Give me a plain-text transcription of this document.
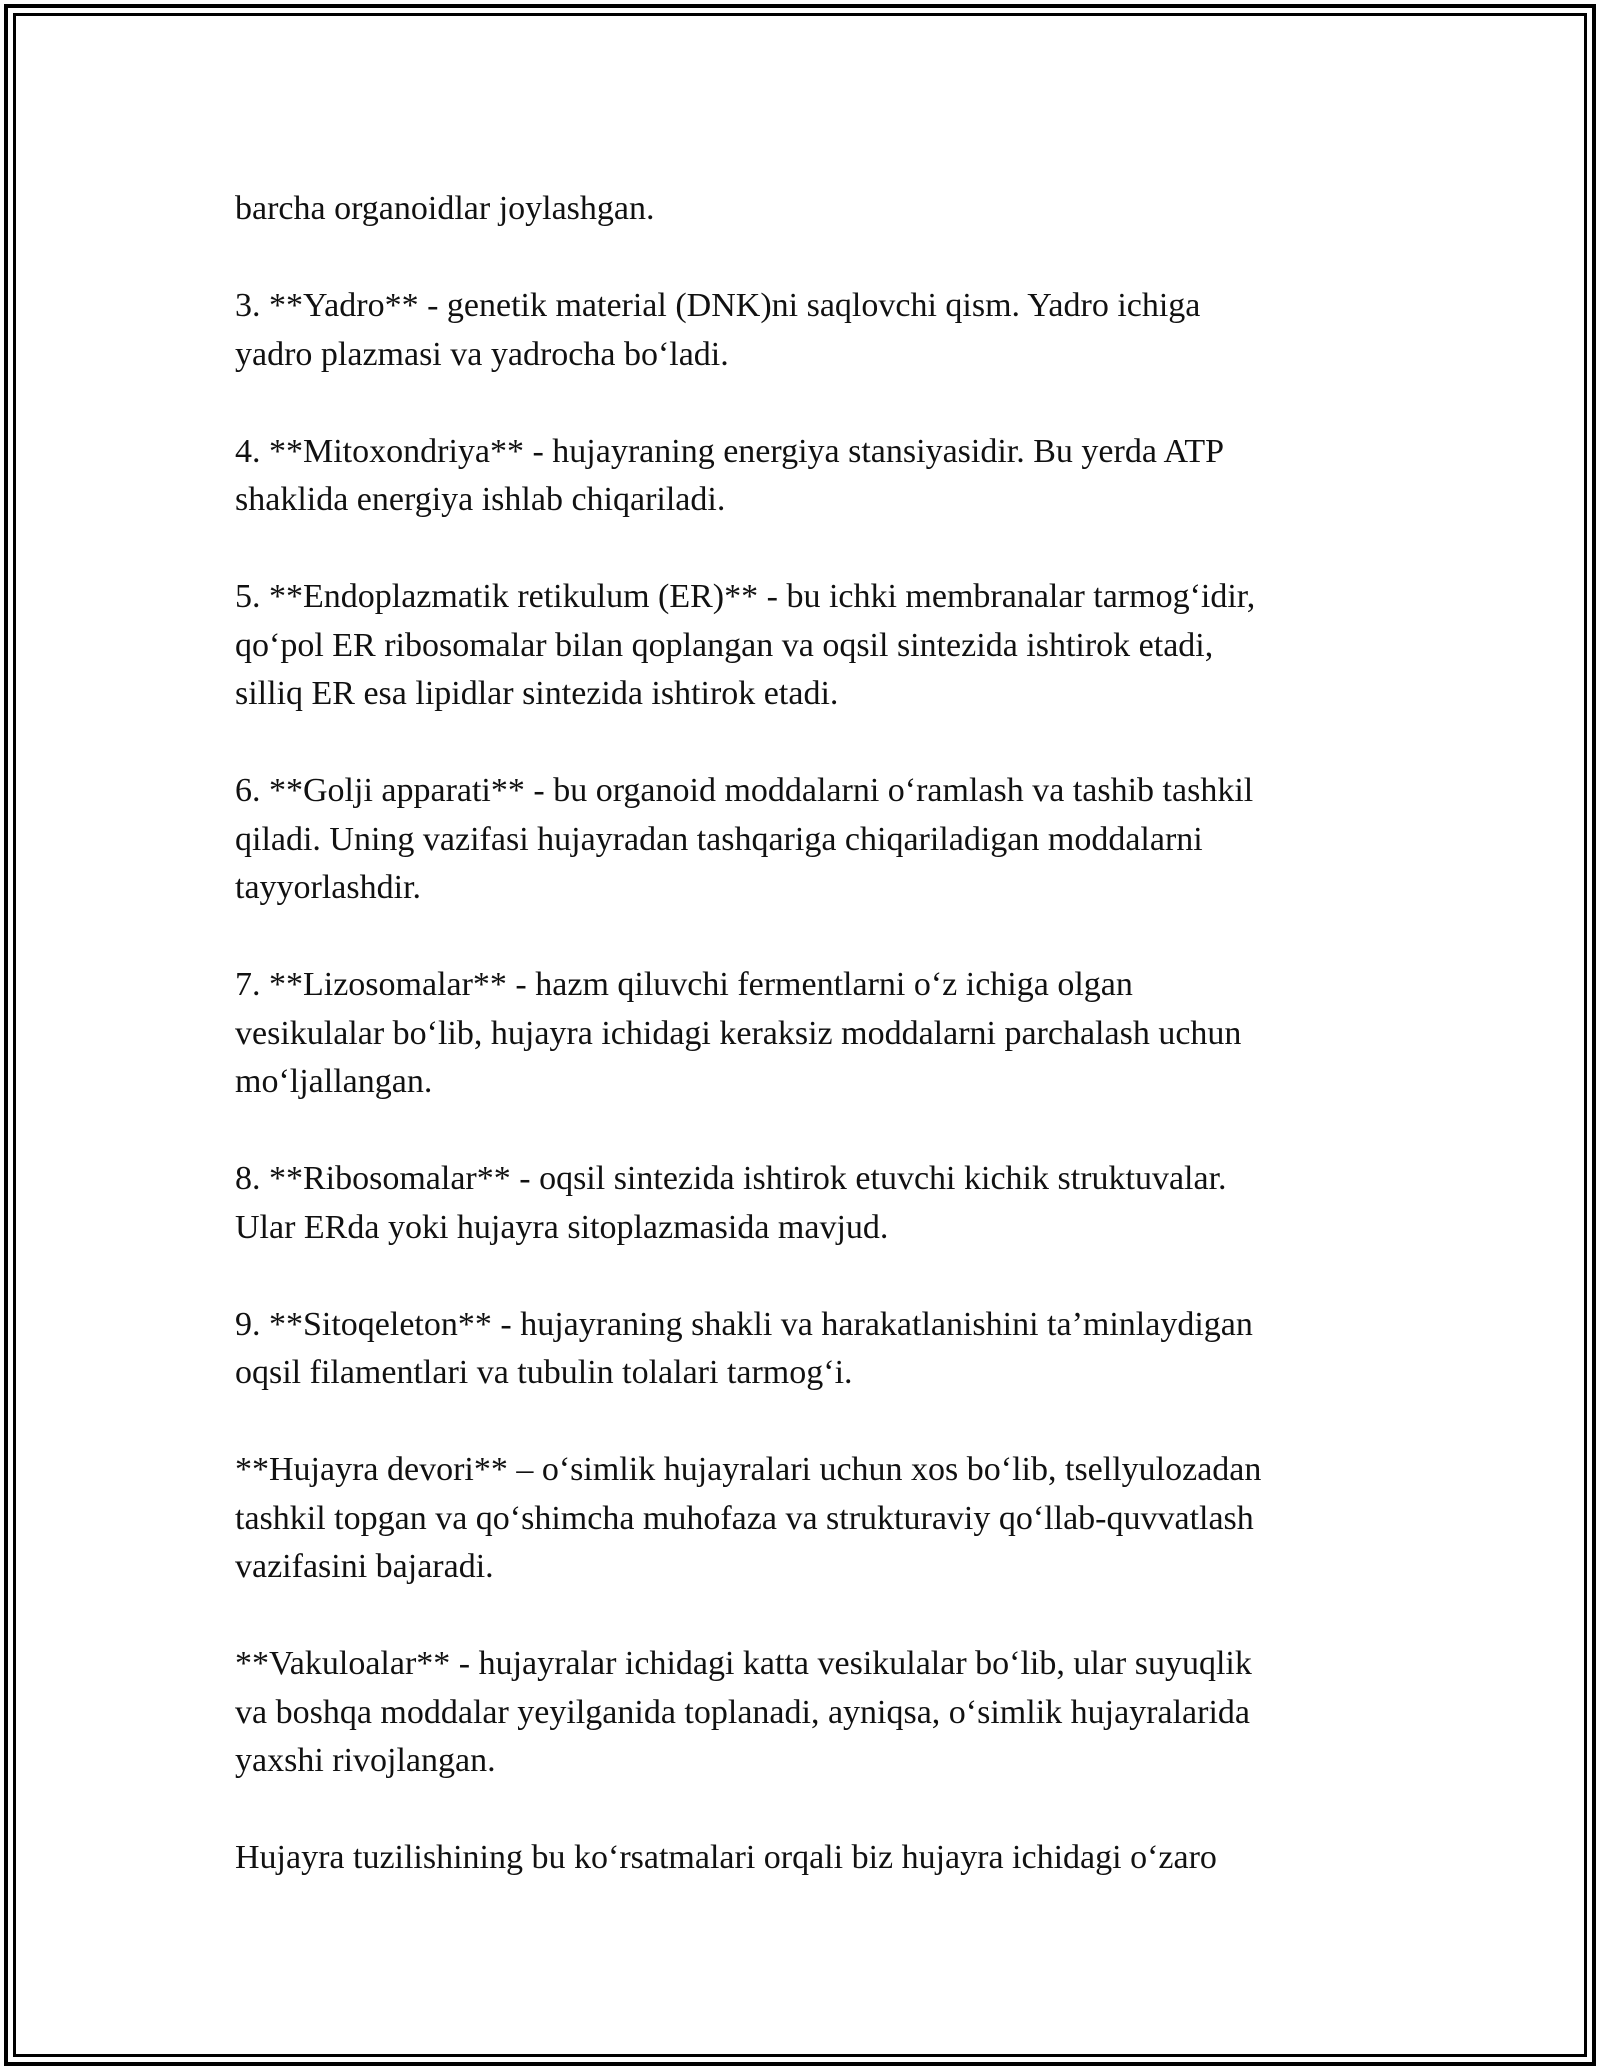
barcha organoidlar joylashgan.

3. **Yadro** - genetik material (DNK)ni saqlovchi qism. Yadro ichiga
yadro plazmasi va yadrocha bo‘ladi.

4. **Mitoxondriya** - hujayraning energiya stansiyasidir. Bu yerda ATP
shaklida energiya ishlab chiqariladi.

5. **Endoplazmatik retikulum (ER)** - bu ichki membranalar tarmog‘idir,
qo‘pol ER ribosomalar bilan qoplangan va oqsil sintezida ishtirok etadi,
silliq ER esa lipidlar sintezida ishtirok etadi.

6. **Golji apparati** - bu organoid moddalarni o‘ramlash va tashib tashkil
qiladi. Uning vazifasi hujayradan tashqariga chiqariladigan moddalarni
tayyorlashdir.

7. **Lizosomalar** - hazm qiluvchi fermentlarni o‘z ichiga olgan
vesikulalar bo‘lib, hujayra ichidagi keraksiz moddalarni parchalash uchun
mo‘ljallangan.

8. **Ribosomalar** - oqsil sintezida ishtirok etuvchi kichik struktuvalar.
Ular ERda yoki hujayra sitoplazmasida mavjud.

9. **Sitoqeleton** - hujayraning shakli va harakatlanishini ta’minlaydigan
oqsil filamentlari va tubulin tolalari tarmog‘i.

**Hujayra devori** – o‘simlik hujayralari uchun xos bo‘lib, tsellyulozadan
tashkil topgan va qo‘shimcha muhofaza va strukturaviy qo‘llab-quvvatlash
vazifasini bajaradi.

**Vakuloalar** - hujayralar ichidagi katta vesikulalar bo‘lib, ular suyuqlik
va boshqa moddalar yeyilganida toplanadi, ayniqsa, o‘simlik hujayralarida
yaxshi rivojlangan.

Hujayra tuzilishining bu ko‘rsatmalari orqali biz hujayra ichidagi o‘zaro
